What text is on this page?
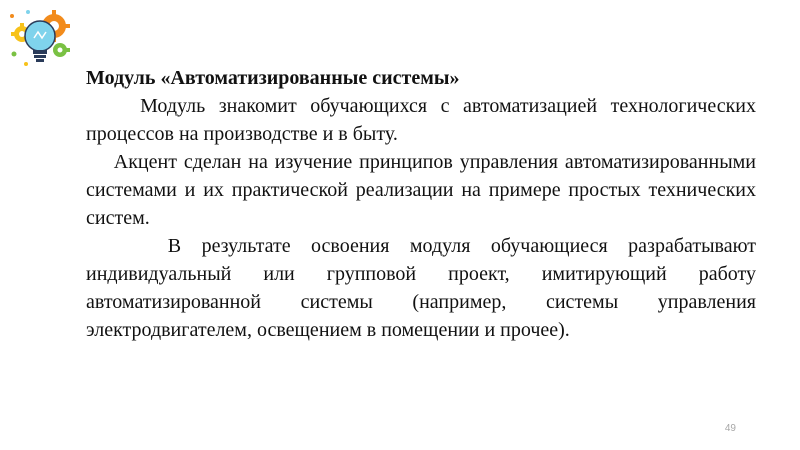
Модуль «Автоматизированные системы»

Модуль знакомит обучающихся с автоматизацией технологических процессов на производстве и в быту.

Акцент сделан на изучение принципов управления автоматизированными системами и их практической реализации на примере простых технических систем.

В результате освоения модуля обучающиеся разрабатывают индивидуальный или групповой проект, имитирующий работу автоматизированной системы (например, системы управления электродвигателем, освещением в помещении и прочее).

49
